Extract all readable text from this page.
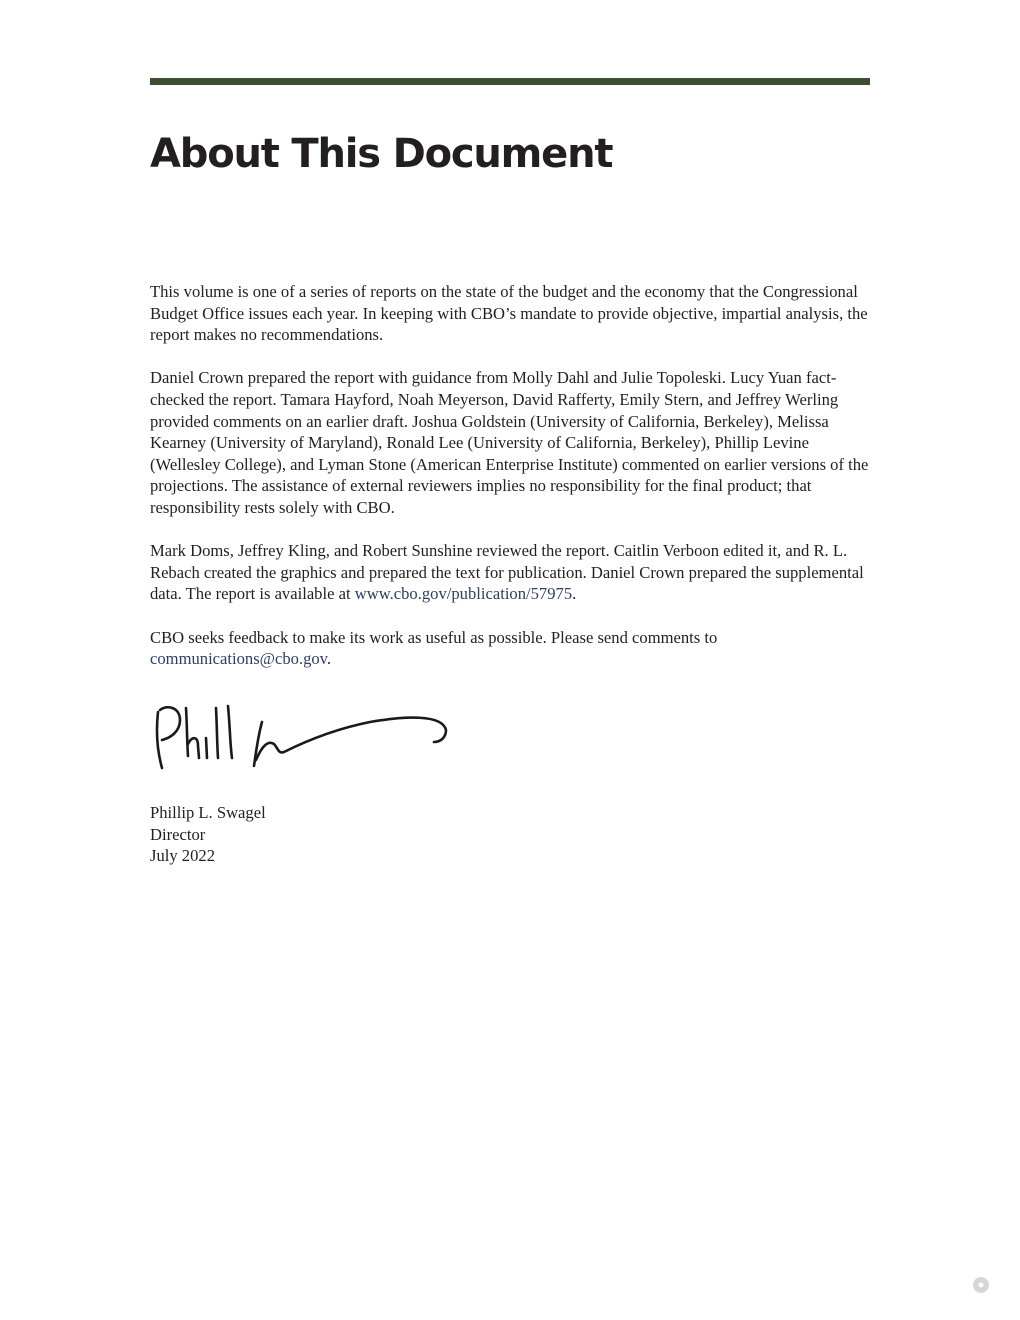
About This Document

This volume is one of a series of reports on the state of the budget and the economy that the Congressional Budget Office issues each year. In keeping with CBO’s mandate to provide objective, impartial analysis, the report makes no recommendations.

Daniel Crown prepared the report with guidance from Molly Dahl and Julie Topoleski. Lucy Yuan fact-checked the report. Tamara Hayford, Noah Meyerson, David Rafferty, Emily Stern, and Jeffrey Werling provided comments on an earlier draft. Joshua Goldstein (University of California, Berkeley), Melissa Kearney (University of Maryland), Ronald Lee (University of California, Berkeley), Phillip Levine (Wellesley College), and Lyman Stone (American Enterprise Institute) commented on earlier versions of the projections. The assistance of external reviewers implies no responsibility for the final product; that responsibility rests solely with CBO.

Mark Doms, Jeffrey Kling, and Robert Sunshine reviewed the report. Caitlin Verboon edited it, and R. L. Rebach created the graphics and prepared the text for publication. Daniel Crown prepared the supplemental data. The report is available at www.cbo.gov/publication/57975.

CBO seeks feedback to make its work as useful as possible. Please send comments to communications@cbo.gov.

Phillip L. Swagel
Director
July 2022
